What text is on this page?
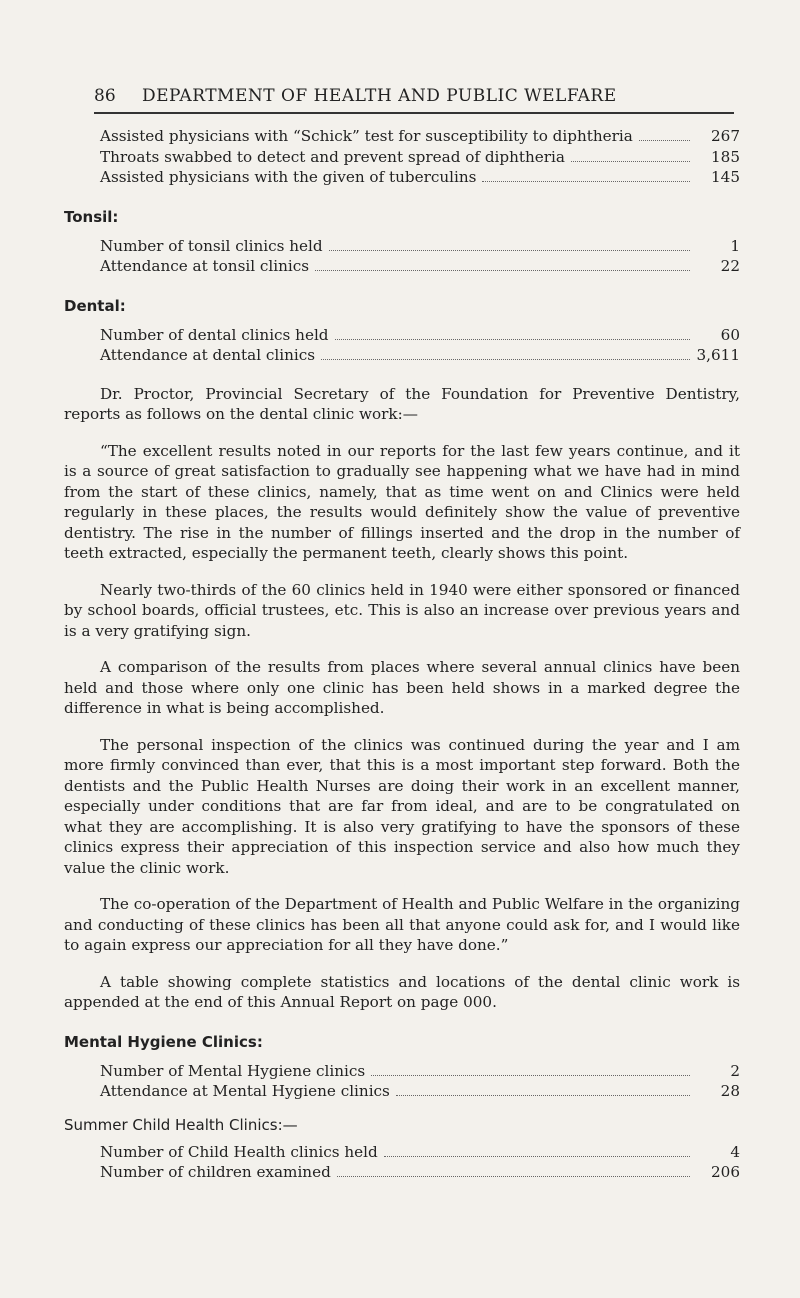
86	DEPARTMENT OF HEALTH AND PUBLIC WELFARE
Assisted physicians with “Schick” test for susceptibility to diphtheria	267
Throats swabbed to detect and prevent spread of diphtheria	185
Assisted physicians with the given of tuberculins	145
Tonsil:
Number of tonsil clinics held	1
Attendance at tonsil clinics	22
Dental:
Number of dental clinics held	60
Attendance at dental clinics	3,611

Dr. Proctor, Provincial Secretary of the Foundation for Preventive Dentistry, reports as follows on the dental clinic work:—

“The excellent results noted in our reports for the last few years continue, and it is a source of great satisfaction to gradually see happening what we have had in mind from the start of these clinics, namely, that as time went on and Clinics were held regularly in these places, the results would definitely show the value of preventive dentistry. The rise in the number of fillings inserted and the drop in the number of teeth extracted, especially the permanent teeth, clearly shows this point.

Nearly two-thirds of the 60 clinics held in 1940 were either sponsored or financed by school boards, official trustees, etc. This is also an increase over previous years and is a very gratifying sign.

A comparison of the results from places where several annual clinics have been held and those where only one clinic has been held shows in a marked degree the difference in what is being accomplished.

The personal inspection of the clinics was continued during the year and I am more firmly convinced than ever, that this is a most important step forward. Both the dentists and the Public Health Nurses are doing their work in an excellent manner, especially under conditions that are far from ideal, and are to be congratulated on what they are accomplishing. It is also very gratifying to have the sponsors of these clinics express their appreciation of this inspection service and also how much they value the clinic work.

The co-operation of the Department of Health and Public Welfare in the organizing and conducting of these clinics has been all that anyone could ask for, and I would like to again express our appreciation for all they have done.”

A table showing complete statistics and locations of the dental clinic work is appended at the end of this Annual Report on page 000.

Mental Hygiene Clinics:
Number of Mental Hygiene clinics	2
Attendance at Mental Hygiene clinics	28
Summer Child Health Clinics:—
Number of Child Health clinics held	4
Number of children examined	206
